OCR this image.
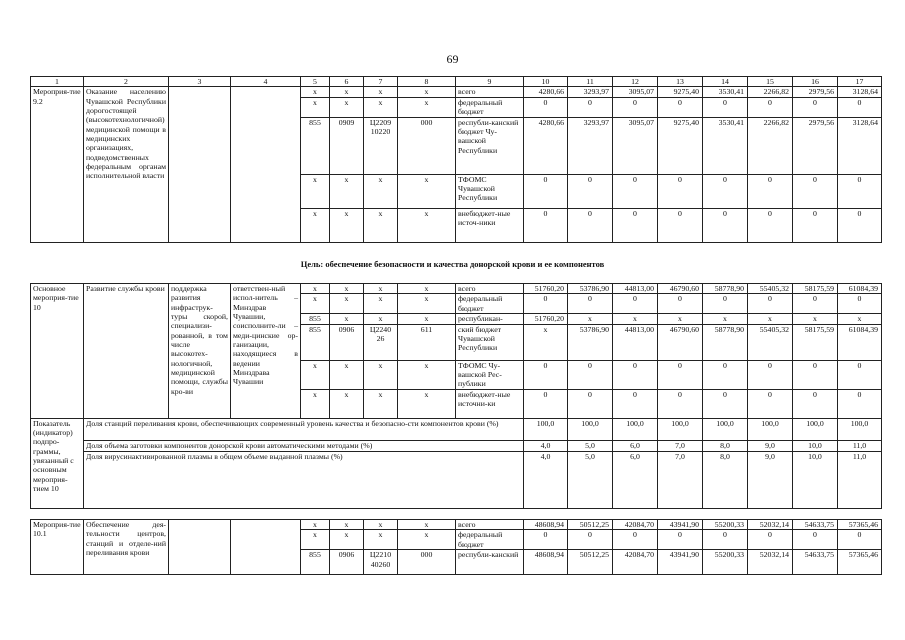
69
1	2	3	4	5	6	7	8	9	10	11	12	13	14	15	16	17
Мероприя-тие 9.2	Оказание населению Чувашской Республики дорогостоящей (высокотехнологичной) медицинской помощи в медицинских организациях, подведомственных федеральным органам исполнительной власти			x	x	x	x	всего	4280,66	3293,97	3095,07	9275,40	3530,41	2266,82	2979,56	3128,64
				x	x	x	x	федеральный бюджет	0	0	0	0	0	0	0	0
				855	0909	Ц2209 10220	000	республи-канский бюджет Чу-вашской Республики	4280,66	3293,97	3095,07	9275,40	3530,41	2266,82	2979,56	3128,64
				x	x	x	x	ТФОМС Чувашской Республики	0	0	0	0	0	0	0	0
				x	x	x	x	внебюджет-ные источ-ники	0	0	0	0	0	0	0	0
Цель: обеспечение безопасности и качества донорской крови и ее компонентов
Основное мероприя-тие 10	Развитие службы крови	поддержка развития инфраструк-туры скорой, специализи-рованной, в том числе высокотех-нологичной, медицинской помощи, службы кро-ви	ответствен-ный испол-нитель – Минздрав Чувашии, соисполните-ли – меди-цинские ор-ганизации, находящиеся в ведении Минздрава Чувашии	x	x	x	x	всего	51760,20	53786,90	44813,00	46790,60	58778,90	55405,32	58175,59	61084,39
				x	x	x	x	федеральный бюджет	0	0	0	0	0	0	0	0
				855	x	x	x	республикан-	51760,20	x	x	x	x	x	x	x
				855	0906	Ц2240 26	611	ский бюджет Чувашской Республики	x	53786,90	44813,00	46790,60	58778,90	55405,32	58175,59	61084,39
				x	x	x	x	ТФОМС Чу-вашской Рес-публики	0	0	0	0	0	0	0	0
				x	x	x	x	внебюджет-ные источни-ки	0	0	0	0	0	0	0	0
Показатель (индикатор) подпро-граммы, увязанный с основным мероприя-тием 10	Доля станций переливания крови, обеспечивающих современный уровень качества и безопасно-сти компонентов крови (%)								100,0	100,0	100,0	100,0	100,0	100,0	100,0	100,0
	Доля объема заготовки компонентов донорской крови автоматическими методами (%)								4,0	5,0	6,0	7,0	8,0	9,0	10,0	11,0
	Доля вирусинактивированной плазмы в общем объеме выданной плазмы (%)								4,0	5,0	6,0	7,0	8,0	9,0	10,0	11,0
Мероприя-тие 10.1	Обеспечение дея-тельности центров, станций и отделе-ний переливания крови			x	x	x	x	всего	48608,94	50512,25	42084,70	43941,90	55200,33	52032,14	54633,75	57365,46
				x	x	x	x	федеральный бюджет	0	0	0	0	0	0	0	0
				855	0906	Ц2210 40260	000	республи-канский	48608,94	50512,25	42084,70	43941,90	55200,33	52032,14	54633,75	57365,46
